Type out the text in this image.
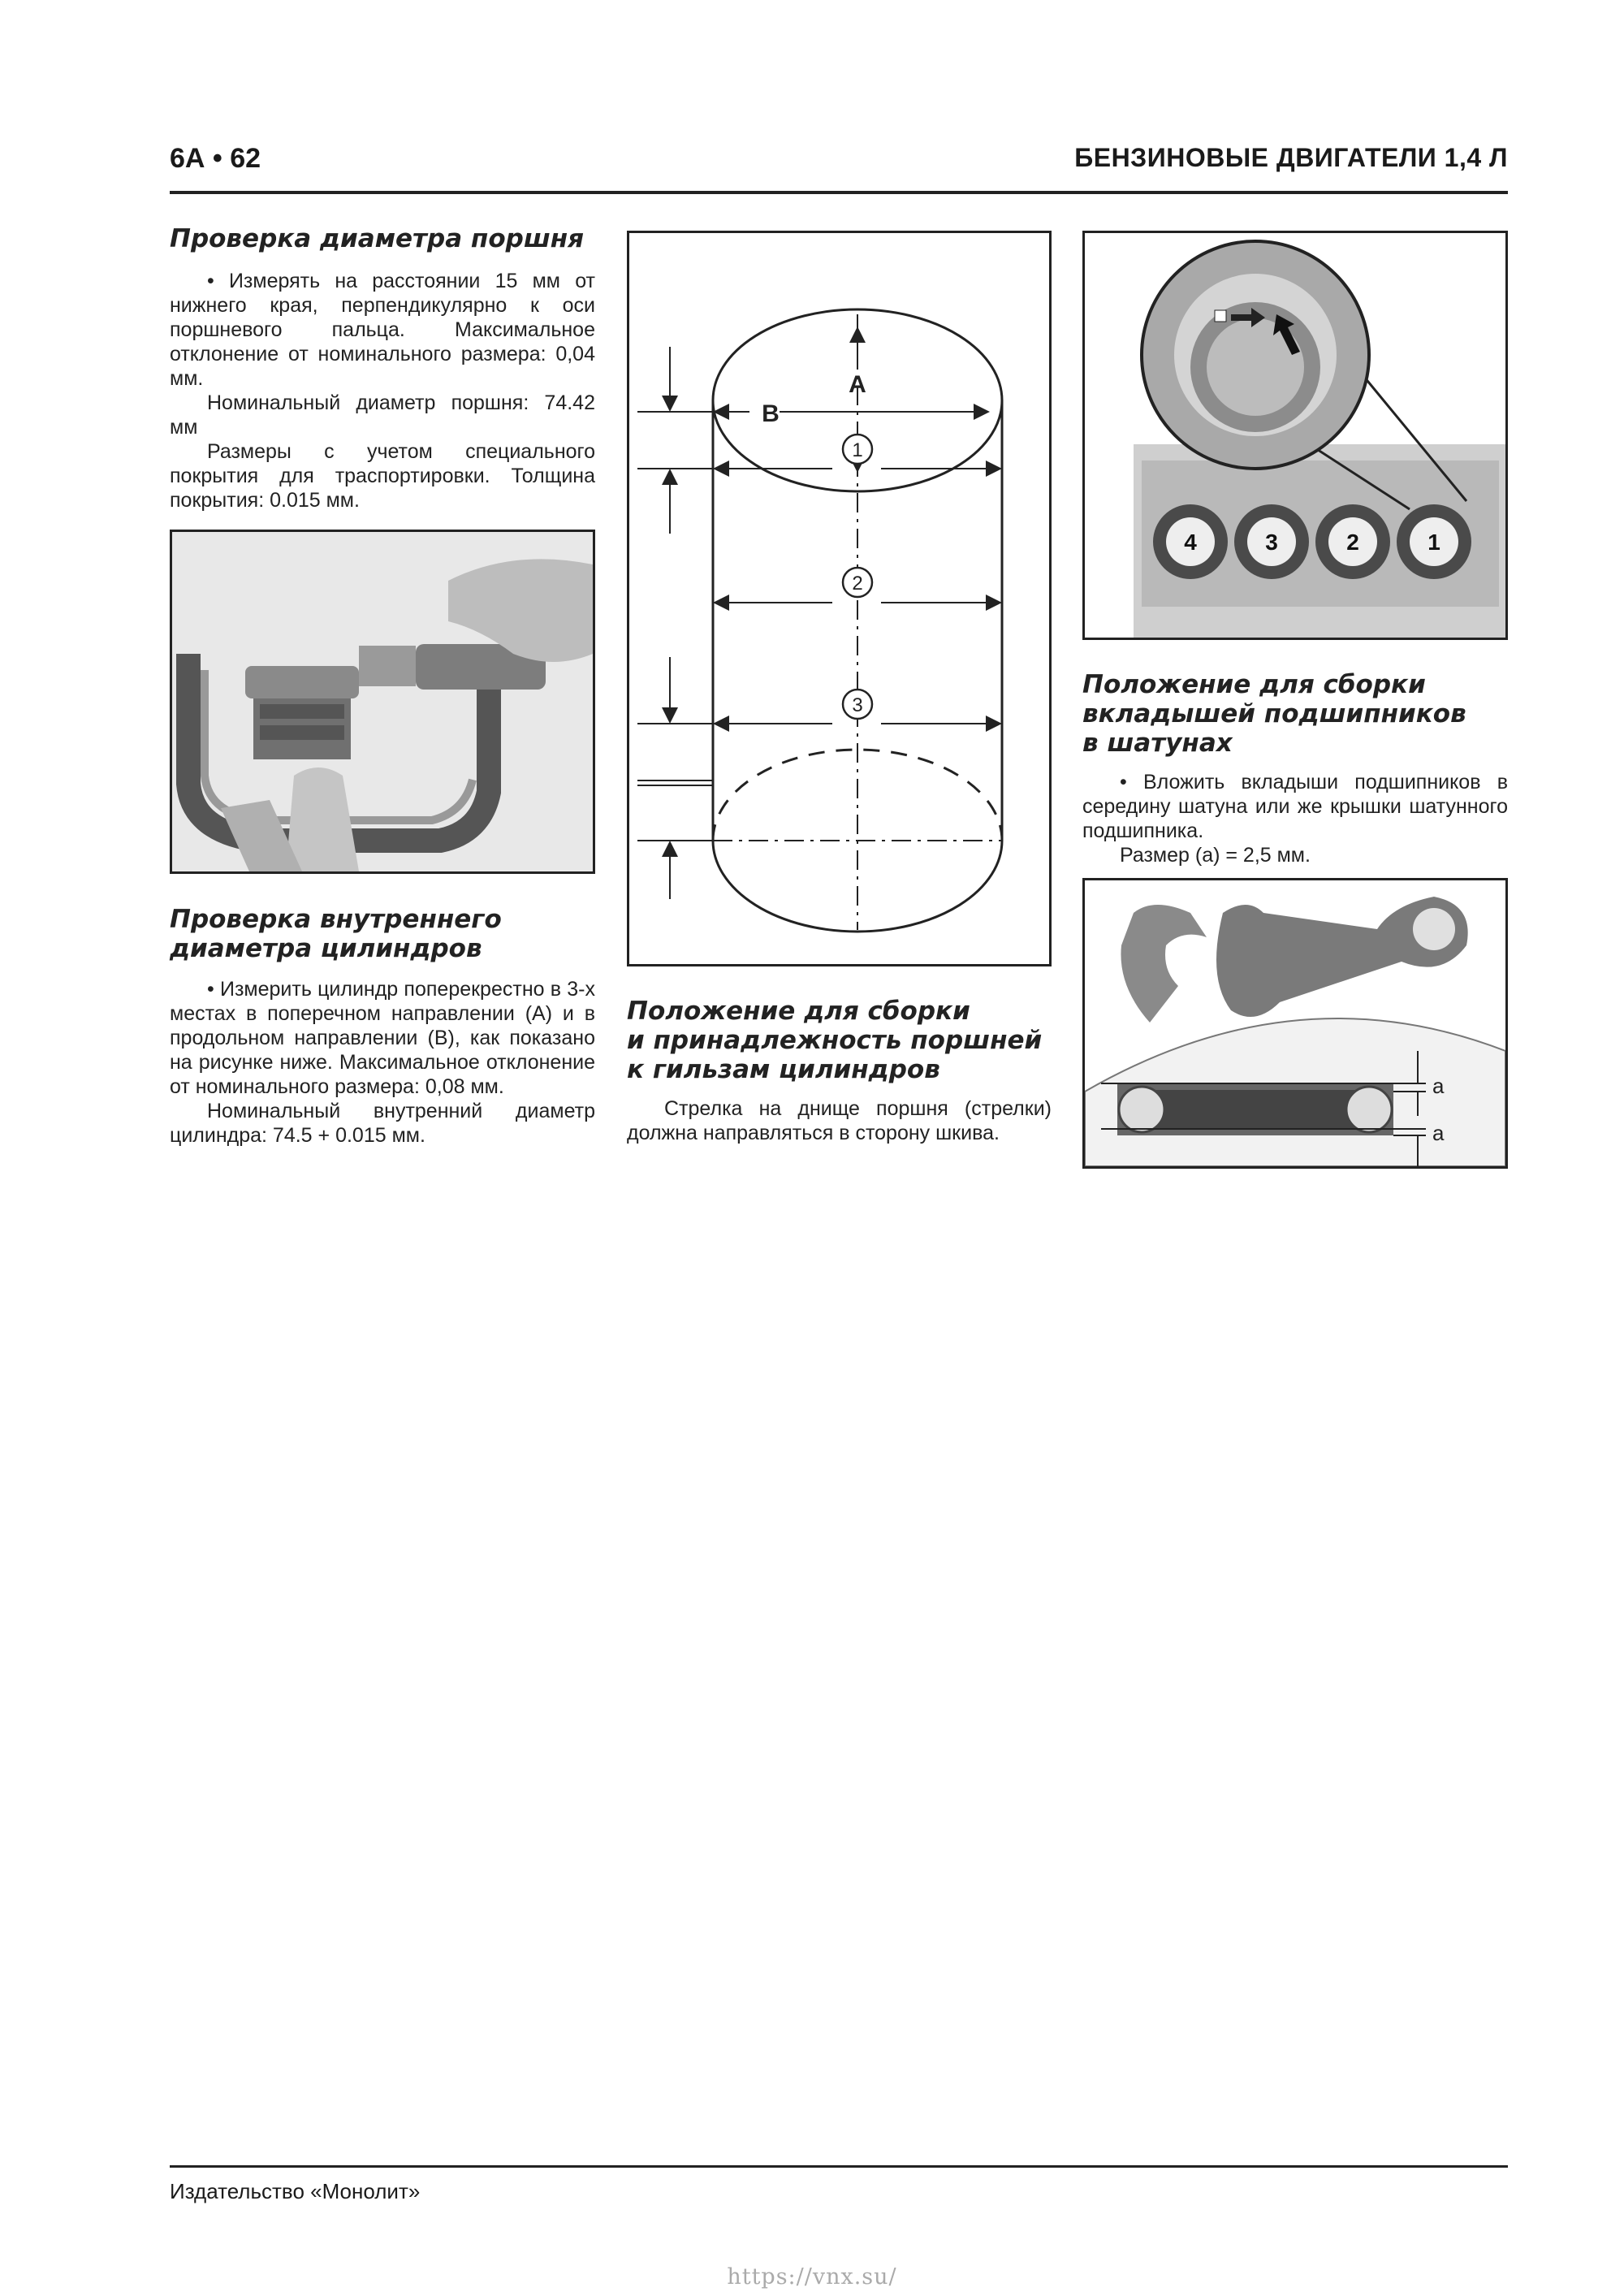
6А • 62	БЕНЗИНОВЫЕ ДВИГАТЕЛИ 1,4 Л
Проверка диаметра поршня

• Измерять на расстоянии 15 мм от нижнего края, перпендикулярно к оси поршневого пальца. Максимальное отклонение от номинального размера: 0,04 мм.

Номинальный диаметр поршня: 74.42 мм

Размеры с учетом специального покрытия для траспортировки. Толщина покрытия: 0.015 мм.

Проверка внутреннего
диаметра цилиндров

• Измерить цилиндр поперекрестно в 3-х местах в поперечном направлении (А) и в продольном направлении (В), как показано на рисунке ниже. Максимальное отклонение от номинального размера: 0,08 мм.

Номинальный внутренний диаметр цилиндра: 74.5 + 0.015 мм.

B
A
1
2
3
Положение для сборки
и принадлежность поршней
к гильзам цилиндров

Стрелка на днище поршня (стрелки) должна направляться в сторону шкива.

4	3	2	1
Положение для сборки
вкладышей подшипников
в шатунах

• Вложить вкладыши подшипников в середину шатуна или же крышки шатунного подшипника.

Размер (а) = 2,5 мм.

a
a
Издательство «Монолит»
https://vnx.su/
